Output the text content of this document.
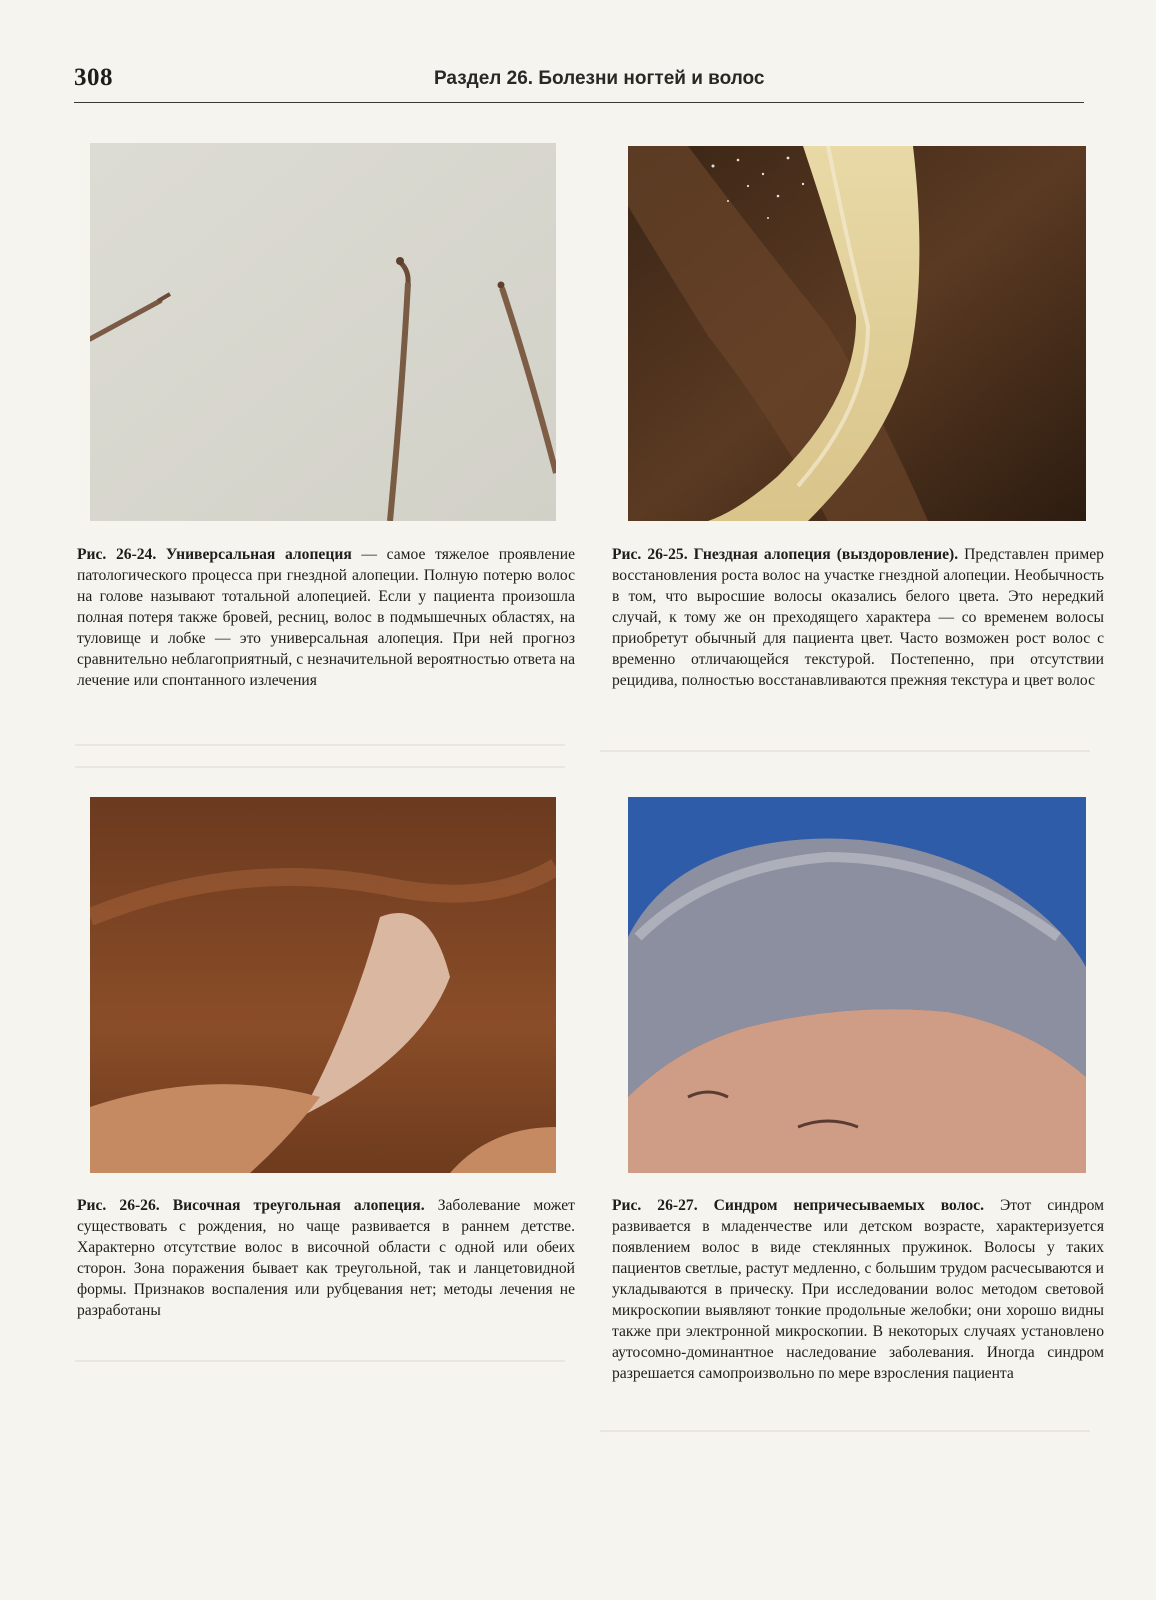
308	Раздел 26. Болезни ногтей и волос
Рис. 26-24. Универсальная алопеция — самое тяжелое проявление патологического процесса при гнездной алопеции. Полную потерю волос на голове называют тотальной алопецией. Если у пациента произошла полная потеря также бровей, ресниц, волос в подмышечных областях, на туловище и лобке — это универсальная алопеция. При ней прогноз сравнительно неблагоприятный, с незначительной вероятностью ответа на лечение или спонтанного излечения
Рис. 26-25. Гнездная алопеция (выздоровление). Представлен пример восстановления роста волос на участке гнездной алопеции. Необычность в том, что выросшие волосы оказались белого цвета. Это нередкий случай, к тому же он преходящего характера — со временем волосы приобретут обычный для пациента цвет. Часто возможен рост волос с временно отличающейся текстурой. Постепенно, при отсутствии рецидива, полностью восстанавливаются прежняя текстура и цвет волос
Рис. 26-26. Височная треугольная алопеция. Заболевание может существовать с рождения, но чаще развивается в раннем детстве. Характерно отсутствие волос в височной области с одной или обеих сторон. Зона поражения бывает как треугольной, так и ланцетовидной формы. Признаков воспаления или рубцевания нет; методы лечения не разработаны
Рис. 26-27. Синдром непричесываемых волос. Этот синдром развивается в младенчестве или детском возрасте, характеризуется появлением волос в виде стеклянных пружинок. Волосы у таких пациентов светлые, растут медленно, с большим трудом расчесываются и укладываются в прическу. При исследовании волос методом световой микроскопии выявляют тонкие продольные желобки; они хорошо видны также при электронной микроскопии. В некоторых случаях установлено аутосомно-доминантное наследование заболевания. Иногда синдром разрешается самопроизвольно по мере взросления пациента
